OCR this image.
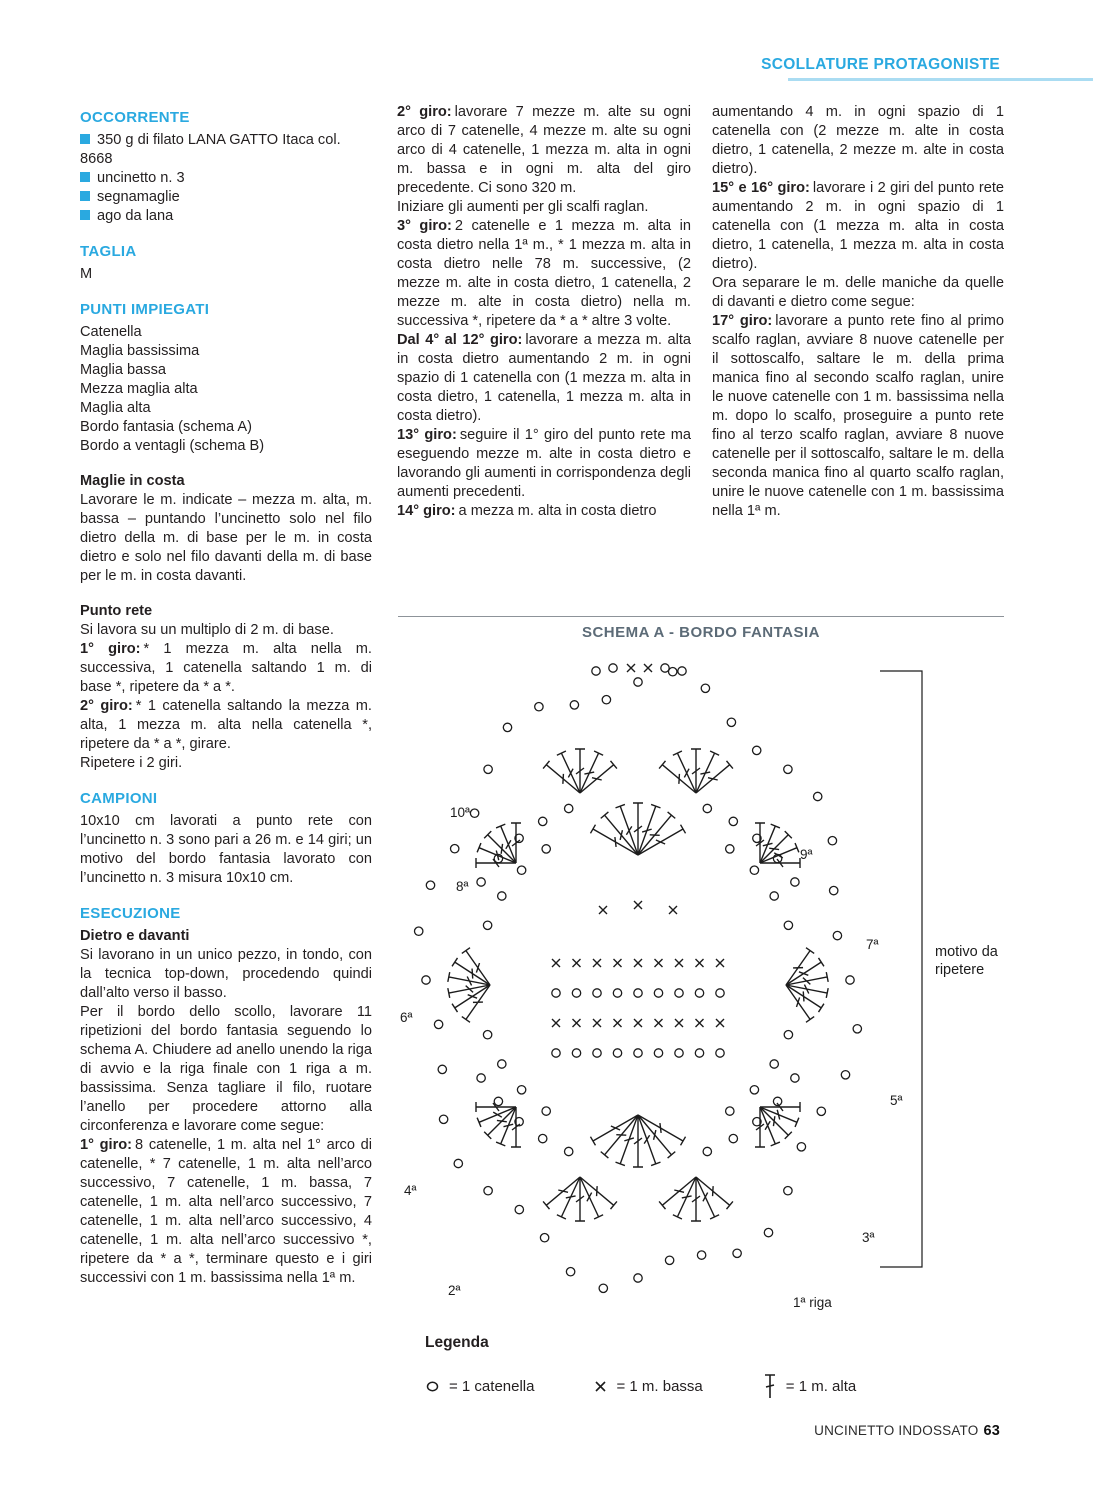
SCOLLATURE PROTAGONISTE
OCCORRENTE
350 g di filato LANA GATTO Itaca col. 8668
uncinetto n. 3
segnamaglie
ago da lana
TAGLIA
M
PUNTI IMPIEGATI
Catenella
Maglia bassissima
Maglia bassa
Mezza maglia alta
Maglia alta
Bordo fantasia (schema A)
Bordo a ventagli (schema B)

Maglie in costa

Lavorare le m. indicate – mezza m. alta, m. bassa – puntando l’uncinetto solo nel filo dietro della m. di base per le m. in costa dietro e solo nel filo davanti della m. di base per le m. in costa davanti.

Punto rete

Si lavora su un multiplo di 2 m. di base.

1° giro: * 1 mezza m. alta nella m. successiva, 1 catenella saltando 1 m. di base *, ripetere da * a *.

2° giro: * 1 catenella saltando la mezza m. alta, 1 mezza m. alta nella catenella *, ripetere da * a *, girare.

Ripetere i 2 giri.

CAMPIONI

10x10 cm lavorati a punto rete con l’uncinetto n. 3 sono pari a 26 m. e 14 giri; un motivo del bordo fantasia lavorato con l’uncinetto n. 3 misura 10x10 cm.

ESECUZIONE

Dietro e davanti

Si lavorano in un unico pezzo, in tondo, con la tecnica top-down, procedendo quindi dall’alto verso il basso.

Per il bordo dello scollo, lavorare 11 ripetizioni del bordo fantasia seguendo lo schema A. Chiudere ad anello unendo la riga di avvio e la riga finale con 1 riga a m. bassissima. Senza tagliare il filo, ruotare l’anello per procedere attorno alla circonferenza e lavorare come segue:

1° giro: 8 catenelle, 1 m. alta nel 1° arco di catenelle, * 7 catenelle, 1 m. alta nell’arco successivo, 7 catenelle, 1 m. bassa, 7 catenelle, 1 m. alta nell’arco successivo, 7 catenelle, 1 m. alta nell’arco successivo, 4 catenelle, 1 m. alta nell’arco successivo *, ripetere da * a *, terminare questo e i giri successivi con 1 m. bassissima nella 1ª m.

2° giro: lavorare 7 mezze m. alte su ogni arco di 7 catenelle, 4 mezze m. alte su ogni arco di 4 catenelle, 1 mezza m. alta in ogni m. bassa e in ogni m. alta del giro precedente. Ci sono 320 m.

Iniziare gli aumenti per gli scalfi raglan.

3° giro: 2 catenelle e 1 mezza m. alta in costa dietro nella 1ª m., * 1 mezza m. alta in costa dietro nelle 78 m. successive, (2 mezze m. alte in costa dietro, 1 catenella, 2 mezze m. alte in costa dietro) nella m. successiva *, ripetere da * a * altre 3 volte.

Dal 4° al 12° giro: lavorare a mezza m. alta in costa dietro aumentando 2 m. in ogni spazio di 1 catenella con (1 mezza m. alta in costa dietro, 1 catenella, 1 mezza m. alta in costa dietro).

13° giro: seguire il 1° giro del punto rete ma eseguendo mezze m. alte in costa dietro e lavorando gli aumenti in corrispondenza degli aumenti precedenti.

14° giro: a mezza m. alta in costa dietro

aumentando 4 m. in ogni spazio di 1 catenella con (2 mezze m. alte in costa dietro, 1 catenella, 2 mezze m. alte in costa dietro).

15° e 16° giro: lavorare i 2 giri del punto rete aumentando 2 m. in ogni spazio di 1 catenella con (1 mezza m. alta in costa dietro, 1 catenella, 1 mezza m. alta in costa dietro).

Ora separare le m. delle maniche da quelle di davanti e dietro come segue:

17° giro: lavorare a punto rete fino al primo scalfo raglan, avviare 8 nuove catenelle per il sottoscalfo, saltare le m. della prima manica fino al secondo scalfo raglan, unire le nuove catenelle con 1 m. bassissima nella m. dopo lo scalfo, proseguire a punto rete fino al terzo scalfo raglan, avviare 8 nuove catenelle per il sottoscalfo, saltare le m. della seconda manica fino al quarto scalfo raglan, unire le nuove catenelle con 1 m. bassissima nella 1ª m.

SCHEMA A - BORDO FANTASIA
10ª
9ª
8ª
7ª
6ª
5ª
4ª
3ª
2ª
1ª riga
motivo da ripetere
Legenda
= 1 catenella	= 1 m. bassa	= 1 m. alta
UNCINETTO INDOSSATO 63
